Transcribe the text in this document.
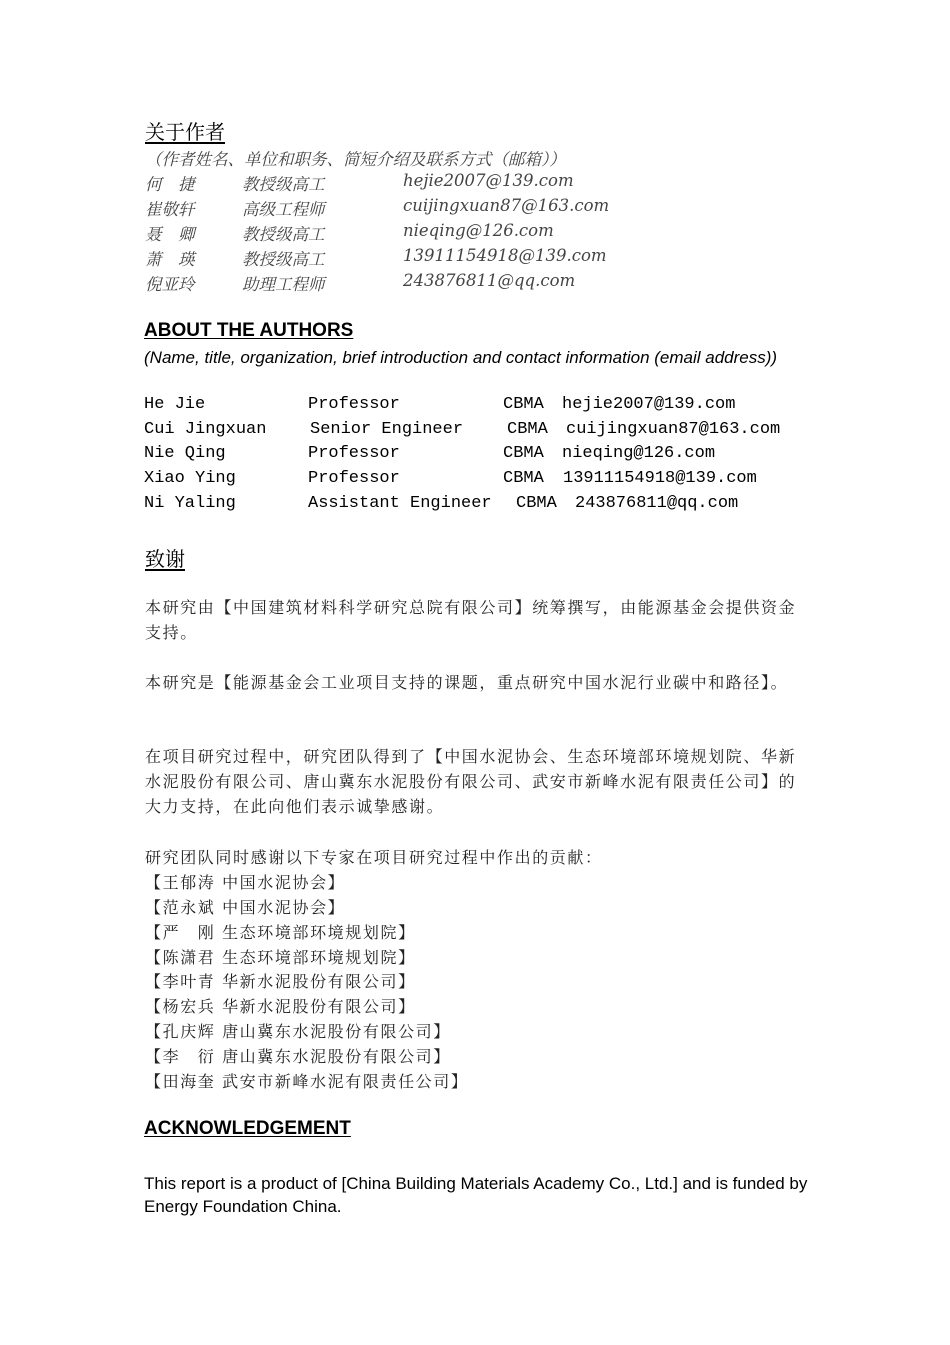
关于作者
（作者姓名、单位和职务、简短介绍及联系方式（邮箱））
何　捷	教授级高工	hejie2007@139.com
崔敬轩	高级工程师	cuijingxuan87@163.com
聂　卿	教授级高工	nieqing@126.com
萧　瑛	教授级高工	13911154918@139.com
倪亚玲	助理工程师	243876811@qq.com
ABOUT THE AUTHORS
(Name, title, organization, brief introduction and contact information (email address))
He Jie	Professor	CBMA hejie2007@139.com
Cui Jingxuan	Senior Engineer	CBMA cuijingxuan87@163.com
Nie Qing	Professor	CBMA nieqing@126.com
Xiao Ying	Professor	CBMA 13911154918@139.com
Ni Yaling	Assistant Engineer CBMA 243876811@qq.com
致谢
本研究由【中国建筑材料科学研究总院有限公司】统筹撰写，由能源基金会提供资金支持。
本研究是【能源基金会工业项目支持的课题，重点研究中国水泥行业碳中和路径】。
在项目研究过程中，研究团队得到了【中国水泥协会、生态环境部环境规划院、华新水泥股份有限公司、唐山冀东水泥股份有限公司、武安市新峰水泥有限责任公司】的大力支持，在此向他们表示诚挚感谢。
研究团队同时感谢以下专家在项目研究过程中作出的贡献：
【王郁涛 中国水泥协会】
【范永斌 中国水泥协会】
【严　刚 生态环境部环境规划院】
【陈潇君 生态环境部环境规划院】
【李叶青 华新水泥股份有限公司】
【杨宏兵 华新水泥股份有限公司】
【孔庆辉 唐山冀东水泥股份有限公司】
【李　衍 唐山冀东水泥股份有限公司】
【田海奎 武安市新峰水泥有限责任公司】
ACKNOWLEDGEMENT
This report is a product of [China Building Materials Academy Co., Ltd.] and is funded by Energy Foundation China.
